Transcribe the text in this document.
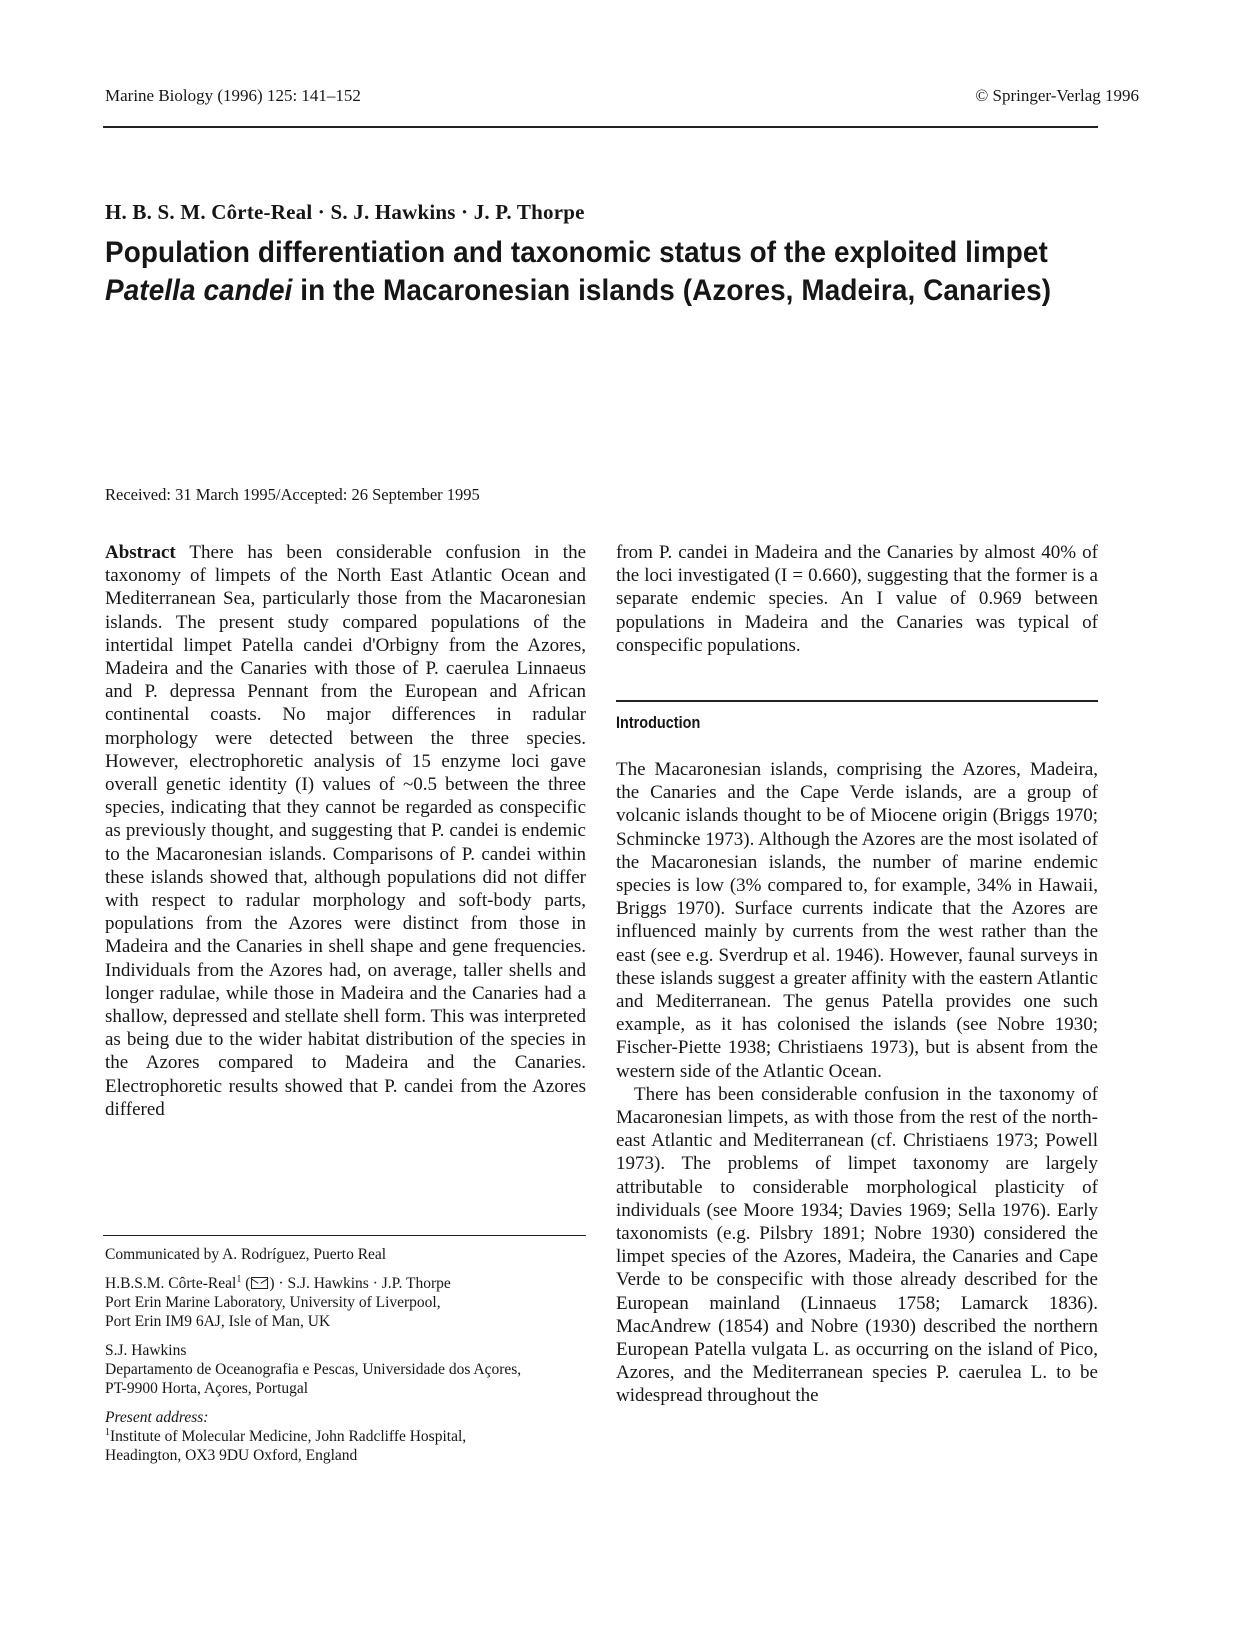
Marine Biology (1996) 125: 141–152	© Springer-Verlag 1996
H. B. S. M. Côrte-Real · S. J. Hawkins · J. P. Thorpe
Population differentiation and taxonomic status of the exploited limpet
Patella candei in the Macaronesian islands (Azores, Madeira, Canaries)
Received: 31 March 1995/Accepted: 26 September 1995

Abstract There has been considerable confusion in the taxonomy of limpets of the North East Atlantic Ocean and Mediterranean Sea, particularly those from the Macaronesian islands. The present study compared populations of the intertidal limpet Patella candei d'Orbigny from the Azores, Madeira and the Canaries with those of P. caerulea Linnaeus and P. depressa Pennant from the European and African continental coasts. No major differences in radular morphology were detected between the three species. However, electrophoretic analysis of 15 enzyme loci gave overall genetic identity (I) values of ~0.5 between the three species, indicating that they cannot be regarded as conspecific as previously thought, and suggesting that P. candei is endemic to the Macaronesian islands. Comparisons of P. candei within these islands showed that, although populations did not differ with respect to radular morphology and soft-body parts, populations from the Azores were distinct from those in Madeira and the Canaries in shell shape and gene frequencies. Individuals from the Azores had, on average, taller shells and longer radulae, while those in Madeira and the Canaries had a shallow, depressed and stellate shell form. This was interpreted as being due to the wider habitat distribution of the species in the Azores compared to Madeira and the Canaries. Electrophoretic results showed that P. candei from the Azores differed

from P. candei in Madeira and the Canaries by almost 40% of the loci investigated (I = 0.660), suggesting that the former is a separate endemic species. An I value of 0.969 between populations in Madeira and the Canaries was typical of conspecific populations.

Introduction

The Macaronesian islands, comprising the Azores, Madeira, the Canaries and the Cape Verde islands, are a group of volcanic islands thought to be of Miocene origin (Briggs 1970; Schmincke 1973). Although the Azores are the most isolated of the Macaronesian islands, the number of marine endemic species is low (3% compared to, for example, 34% in Hawaii, Briggs 1970). Surface currents indicate that the Azores are influenced mainly by currents from the west rather than the east (see e.g. Sverdrup et al. 1946). However, faunal surveys in these islands suggest a greater affinity with the eastern Atlantic and Mediterranean. The genus Patella provides one such example, as it has colonised the islands (see Nobre 1930; Fischer-Piette 1938; Christiaens 1973), but is absent from the western side of the Atlantic Ocean.

There has been considerable confusion in the taxonomy of Macaronesian limpets, as with those from the rest of the north-east Atlantic and Mediterranean (cf. Christiaens 1973; Powell 1973). The problems of limpet taxonomy are largely attributable to considerable morphological plasticity of individuals (see Moore 1934; Davies 1969; Sella 1976). Early taxonomists (e.g. Pilsbry 1891; Nobre 1930) considered the limpet species of the Azores, Madeira, the Canaries and Cape Verde to be conspecific with those already described for the European mainland (Linnaeus 1758; Lamarck 1836). MacAndrew (1854) and Nobre (1930) described the northern European Patella vulgata L. as occurring on the island of Pico, Azores, and the Mediterranean species P. caerulea L. to be widespread throughout the

Communicated by A. Rodríguez, Puerto Real

H.B.S.M. Côrte-Real$^1$ ( ) · S.J. Hawkins · J.P. Thorpe

Port Erin Marine Laboratory, University of Liverpool,

Port Erin IM9 6AJ, Isle of Man, UK

S.J. Hawkins

Departamento de Oceanografia e Pescas, Universidade dos Açores,

PT-9900 Horta, Açores, Portugal

Present address:

$^1$Institute of Molecular Medicine, John Radcliffe Hospital,

Headington, OX3 9DU Oxford, England
